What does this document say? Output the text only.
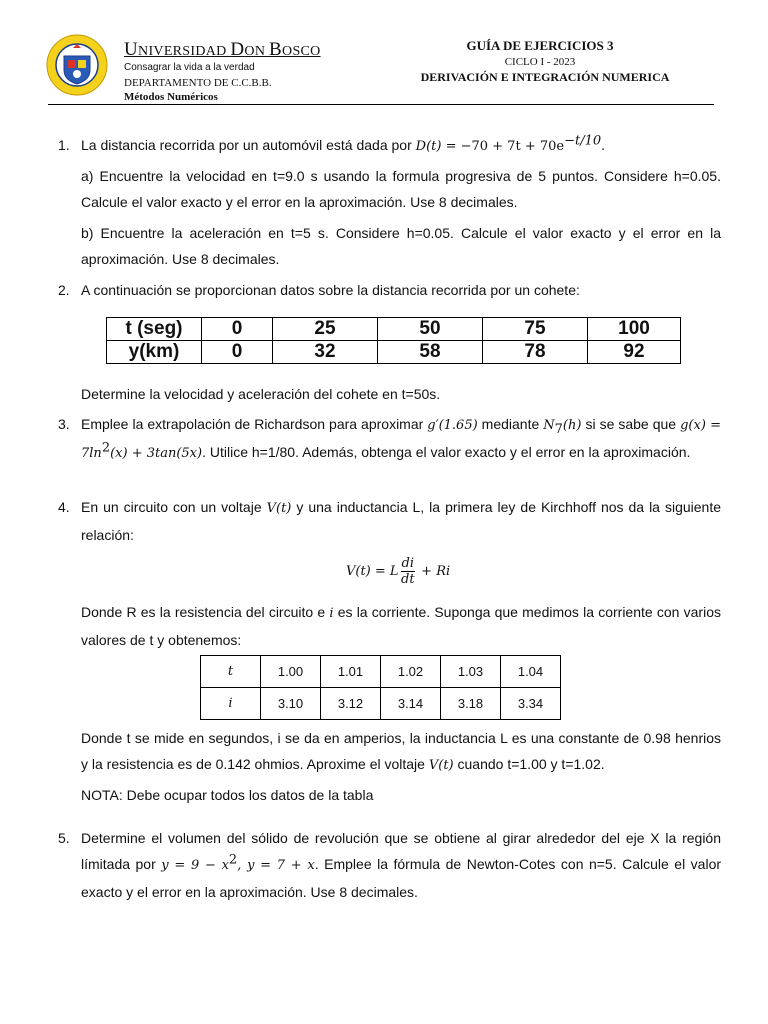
UNIVERSIDAD DON BOSCO
Consagrar la vida a la verdad
DEPARTAMENTO DE C.C.B.B.
Métodos Numéricos
GUÍA DE EJERCICIOS 3
CICLO I - 2023
DERIVACIÓN E INTEGRACIÓN NUMERICA
1. La distancia recorrida por un automóvil está dada por $D(t) = -70 + 7t + 70e^{-t/10}$.
a) Encuentre la velocidad en t=9.0 s usando la formula progresiva de 5 puntos. Considere h=0.05. Calcule el valor exacto y el error en la aproximación. Use 8 decimales.
b) Encuentre la aceleración en t=5 s. Considere h=0.05. Calcule el valor exacto y el error en la aproximación. Use 8 decimales.
2. A continuación se proporcionan datos sobre la distancia recorrida por un cohete:
t (seg)	0	25	50	75	100
y(km)	0	32	58	78	92
Determine la velocidad y aceleración del cohete en t=50s.
3. Emplee la extrapolación de Richardson para aproximar g′(1.65) mediante $N_7(h)$ si se sabe que $g(x) = 7\ln^2(x) + 3\tan(5x)$. Utilice h=1/80. Además, obtenga el valor exacto y el error en la aproximación.
4. En un circuito con un voltaje V(t) y una inductancia L, la primera ley de Kirchhoff nos da la siguiente relación:
V(t) = L $\frac{di}{dt} + Ri$
Donde R es la resistencia del circuito e i es la corriente. Suponga que medimos la corriente con varios valores de t y obtenemos:
t	1.00	1.01	1.02	1.03	1.04
i	3.10	3.12	3.14	3.18	3.34
Donde t se mide en segundos, i se da en amperios, la inductancia L es una constante de 0.98 henrios y la resistencia es de 0.142 ohmios. Aproxime el voltaje V(t) cuando t=1.00 y t=1.02.
NOTA: Debe ocupar todos los datos de la tabla
5. Determine el volumen del sólido de revolución que se obtiene al girar alrededor del eje X la región límitada por $y = 9 - x^2$, y = 7 + x. Emplee la fórmula de Newton-Cotes con n=5. Calcule el valor exacto y el error en la aproximación. Use 8 decimales.
